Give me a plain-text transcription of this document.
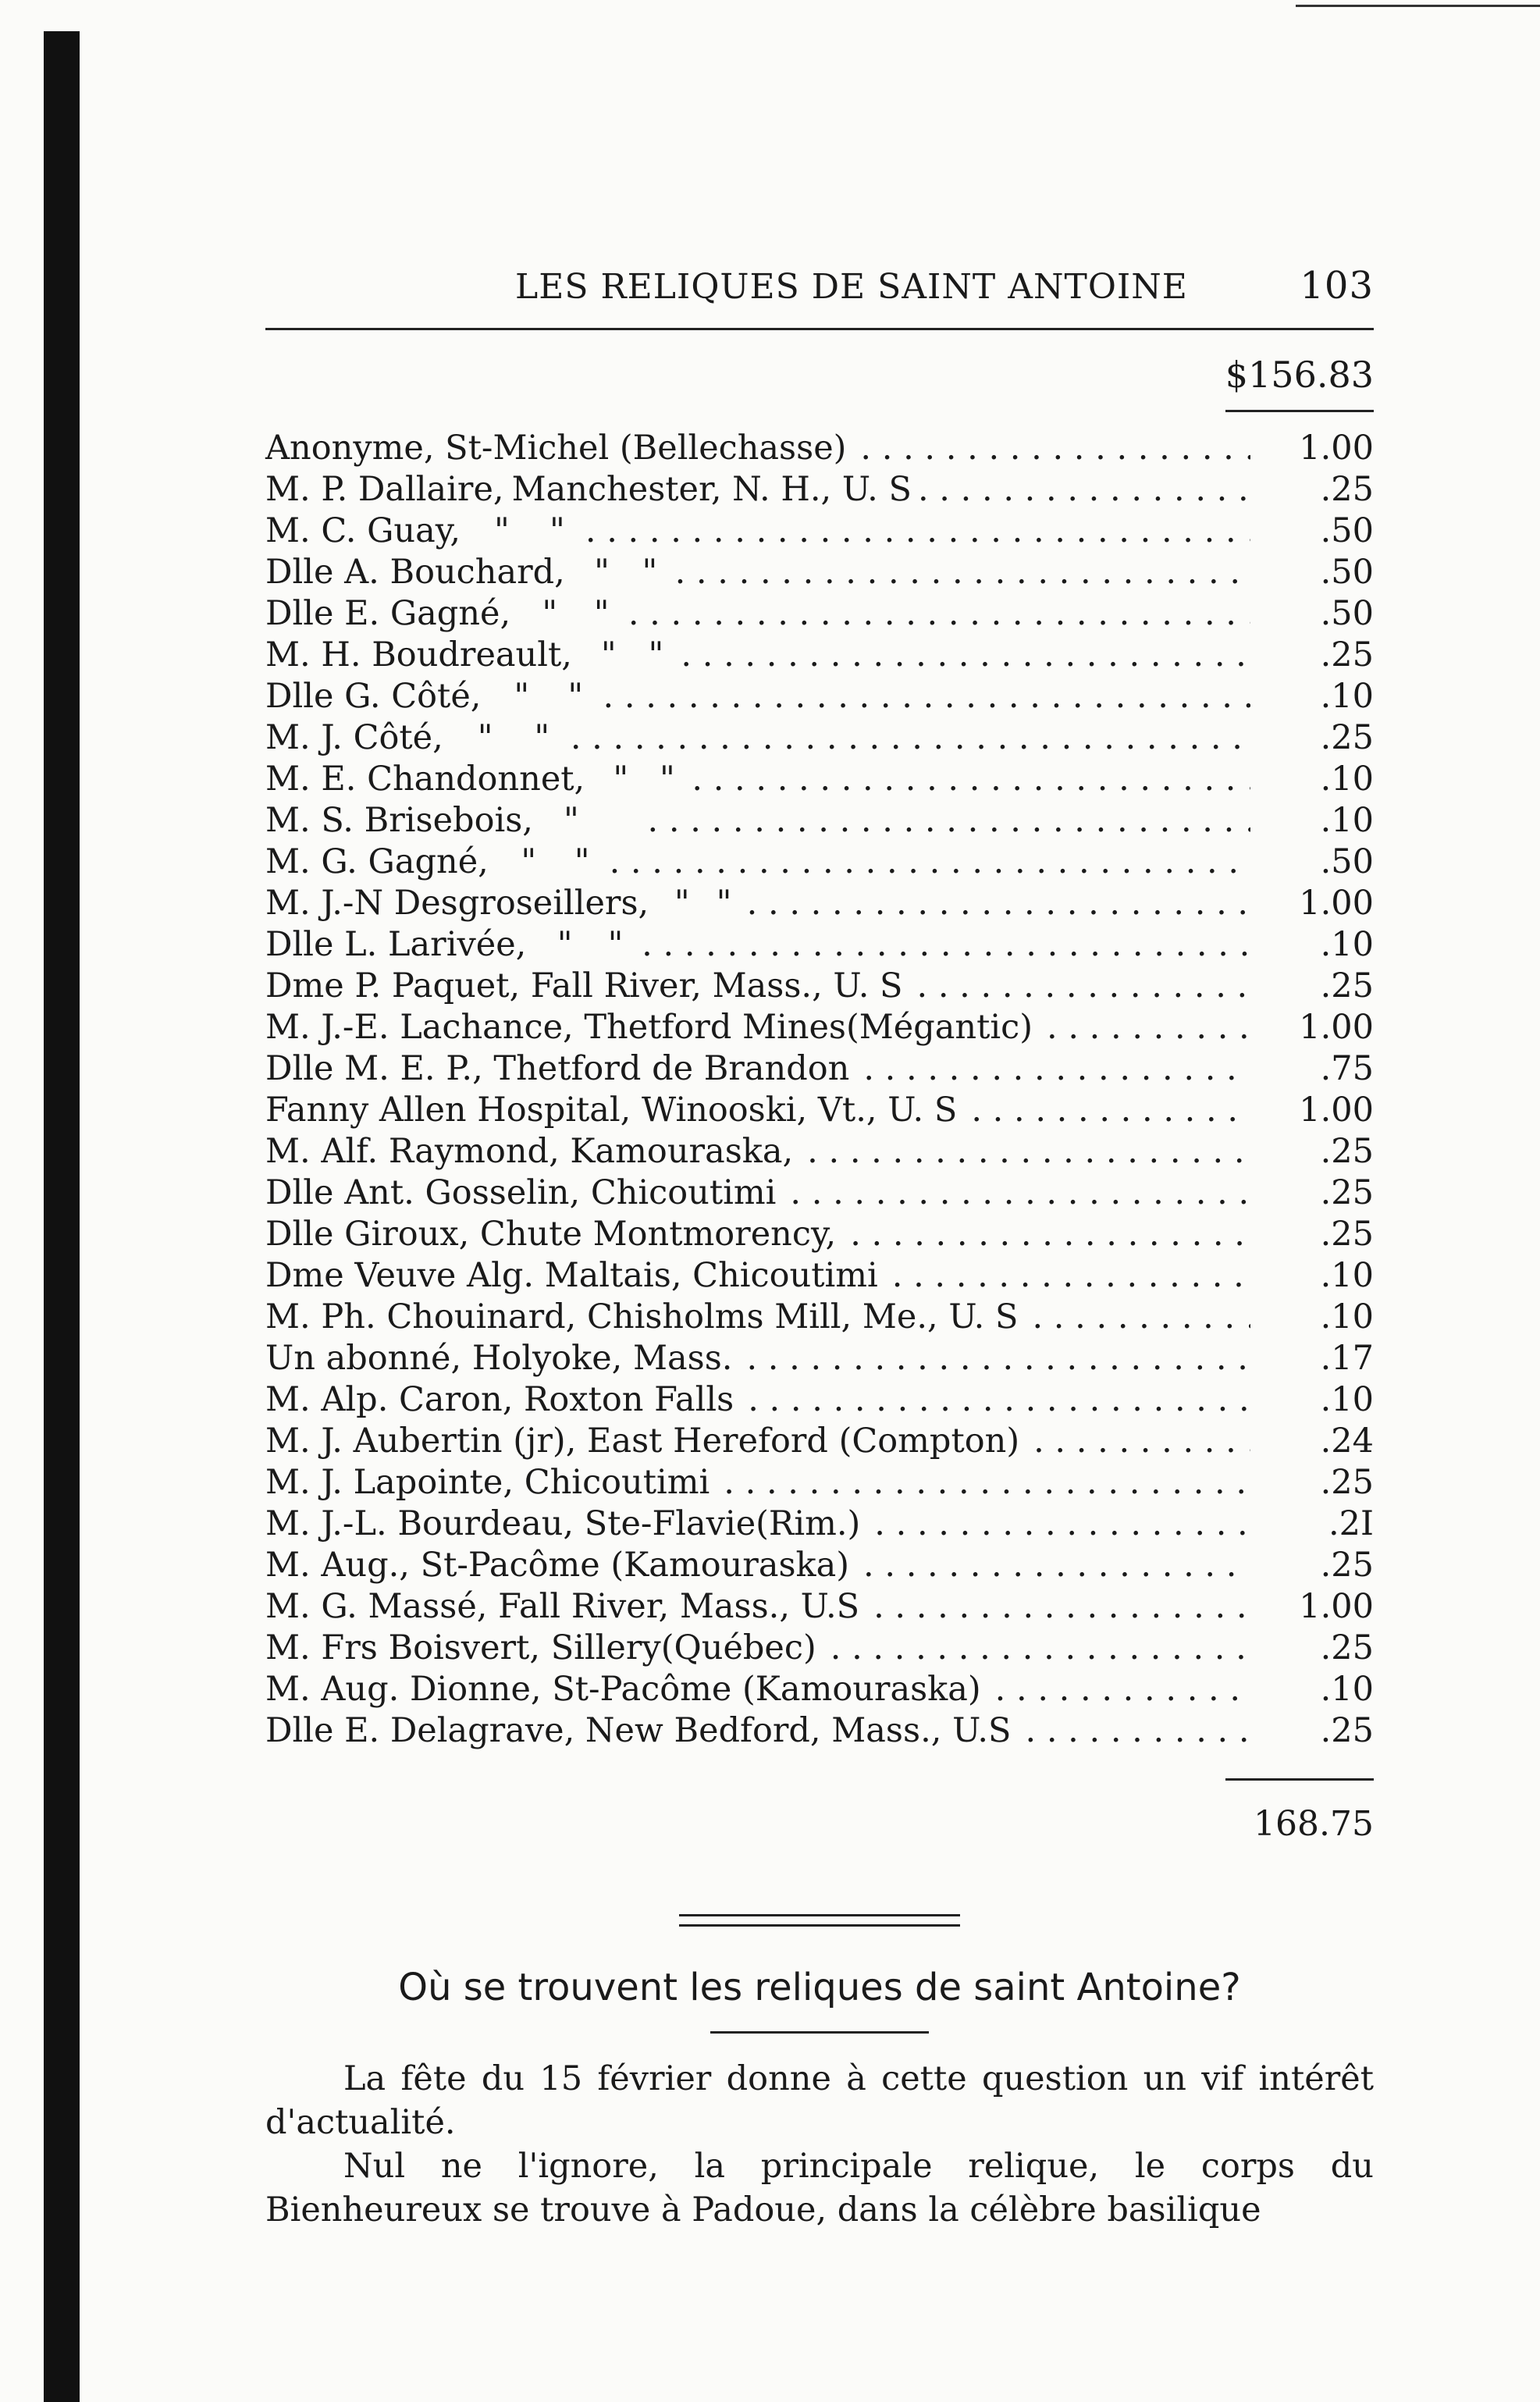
LES RELIQUES DE SAINT ANTOINE	103
$156.83
Anonyme, St-Michel (Bellechasse) . . .	1.00
M. P. Dallaire, Manchester, N. H., U. S . . .	.25
M. C. Guay,	"	" . . .	.50
Dlle A. Bouchard, " " . . .	.50
Dlle E. Gagné, "	" . . .	.50
M. H. Boudreault, " " . . .	.25
Dlle G. Côté, "	" . . .	.10
M. J. Côté,	"	" . . .	.25
M. E. Chandonnet, " " . . .	.10
M. S. Brisebois, " . . .	.10
M. G. Gagné, "	" . . .	.50
M. J.-N Desgroseillers, " " . . .	1.00
Dlle L. Larivée, "	" . . .	.10
Dme P. Paquet, Fall River, Mass., U. S . . .	.25
M. J.-E. Lachance, Thetford Mines(Mégantic) . . .	1.00
Dlle M. E. P., Thetford de Brandon . . .	.75
Fanny Allen Hospital, Winooski, Vt., U. S . . .	1.00
M. Alf. Raymond, Kamouraska, . . .	.25
Dlle Ant. Gosselin, Chicoutimi . . .	.25
Dlle Giroux, Chute Montmorency, . . .	.25
Dme Veuve Alg. Maltais, Chicoutimi . . .	.10
M. Ph. Chouinard, Chisholms Mill, Me., U. S . . .	.10
Un abonné, Holyoke, Mass. . . .	.17
M. Alp. Caron, Roxton Falls . . .	.10
M. J. Aubertin (jr), East Hereford (Compton) . . .	.24
M. J. Lapointe, Chicoutimi . . .	.25
M. J.-L. Bourdeau, Ste-Flavie(Rim.) . . .	.2I
M. Aug., St-Pacôme (Kamouraska) . . .	.25
M. G. Massé, Fall River, Mass., U.S . . .	1.00
M. Frs Boisvert, Sillery(Québec) . . .	.25
M. Aug. Dionne, St-Pacôme (Kamouraska) . . .	.10
Dlle E. Delagrave, New Bedford, Mass., U.S . . .	.25
168.75
Où se trouvent les reliques de saint Antoine?

La fête du 15 février donne à cette question un vif intérêt d'actualité.

Nul ne l'ignore, la principale relique, le corps du Bienheureux se trouve à Padoue, dans la célèbre basilique
